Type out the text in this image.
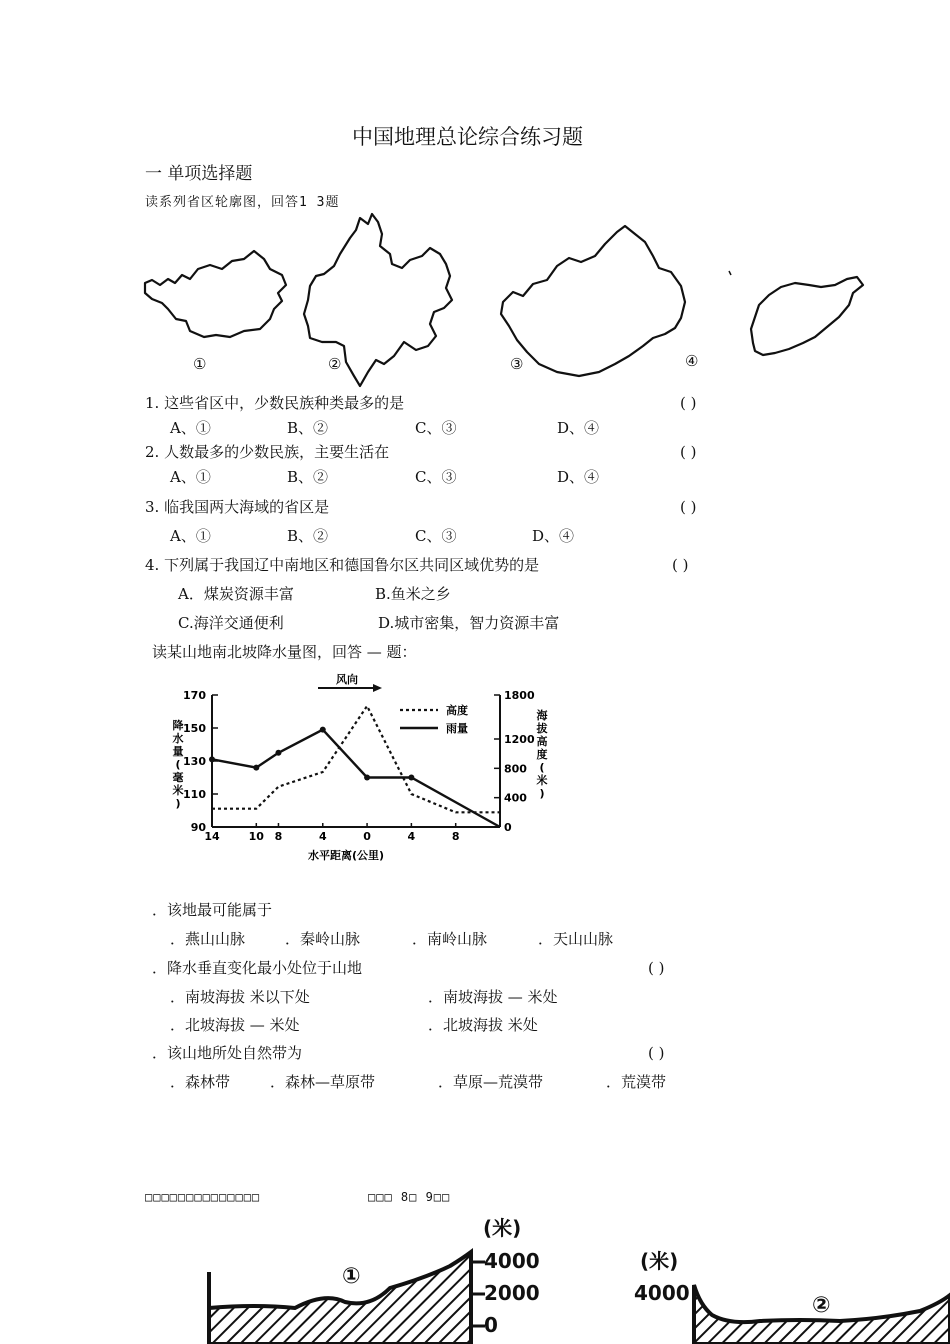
中国地理总论综合练习题
一 单项选择题
读系列省区轮廓图，回答1 3题
①	②	③	④
1. 这些省区中，少数民族种类最多的是	( )
A、①	B、②	C、③	D、④
2. 人数最多的少数民族，主要生活在	( )
A、①	B、②	C、③	D、④
3. 临我国两大海域的省区是	( )
A、①	B、②	C、③	D、④
4. 下列属于我国辽中南地区和德国鲁尔区共同区域优势的是	( )
A．煤炭资源丰富	B.鱼米之乡
C.海洋交通便利	D.城市密集，智力资源丰富
读某山地南北坡降水量图，回答 — 题：
90
110
130
150
170
0
400
800
1200
1800
14	10 8	4	0	4	8
高度
雨量
风向
水平距离(公里)
降
水
量
(
毫
米
)
海
拔
高
度
(
米
)
．该地最可能属于
．燕山山脉	．秦岭山脉	．南岭山脉	．天山山脉
．降水垂直变化最小处位于山地	( )
．南坡海拔 米以下处	．南坡海拔 — 米处
．北坡海拔 — 米处	．北坡海拔 米处
．该山地所处自然带为	( )
．森林带	．森林—草原带	．草原—荒漠带	．荒漠带
□□□□□□□□□□□□□□	□□□ 8□ 9□□
(米)
4000
2000
0
①
(米)
4000	②
